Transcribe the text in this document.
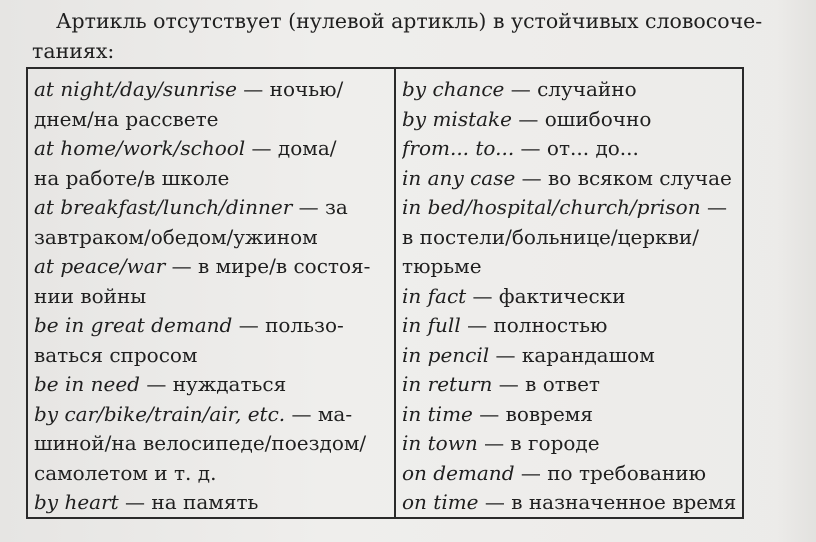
Артикль отсутствует (нулевой артикль) в устойчивых словосоче-
таниях:

at night/day/sunrise — ночью/
днем/на рассвете
at home/work/school — дома/
на работе/в школе
at breakfast/lunch/dinner — за
завтраком/обедом/ужином
at peace/war — в мире/в состоя-
нии войны
be in great demand — пользо-
ваться спросом
be in need — нуждаться
by car/bike/train/air, etc. — ма-
шиной/на велосипеде/поездом/
самолетом и т. д.
by heart — на память
by chance — случайно
by mistake — ошибочно
from... to... — от... до...
in any case — во всяком случае
in bed/hospital/church/prison —
в постели/больнице/церкви/
тюрьме
in fact — фактически
in full — полностью
in pencil — карандашом
in return — в ответ
in time — вовремя
in town — в городе
on demand — по требованию
on time — в назначенное время
